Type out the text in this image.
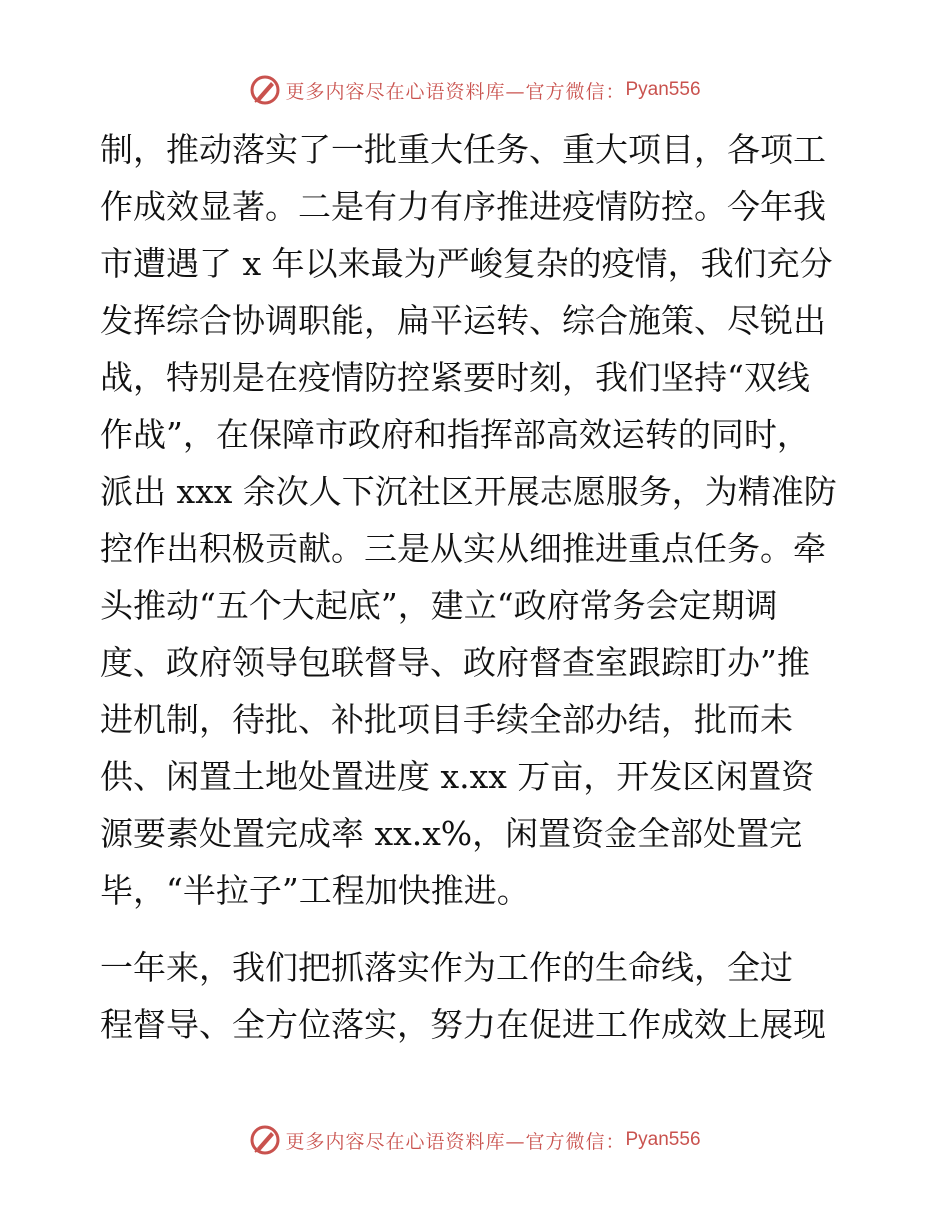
更多内容尽在心语资料库—官方微信： Pyan556
制，推动落实了一批重大任务、重大项目，各项工
作成效显著。二是有力有序推进疫情防控。今年我
市遭遇了 x 年以来最为严峻复杂的疫情，我们充分
发挥综合协调职能，扁平运转、综合施策、尽锐出
战，特别是在疫情防控紧要时刻，我们坚持“双线
作战”，在保障市政府和指挥部高效运转的同时，
派出 xxx 余次人下沉社区开展志愿服务，为精准防
控作出积极贡献。三是从实从细推进重点任务。牵
头推动“五个大起底”，建立“政府常务会定期调
度、政府领导包联督导、政府督查室跟踪盯办”推
进机制，待批、补批项目手续全部办结，批而未
供、闲置土地处置进度 x.xx 万亩，开发区闲置资
源要素处置完成率 xx.x%，闲置资金全部处置完
毕，“半拉子”工程加快推进。
一年来，我们把抓落实作为工作的生命线，全过
程督导、全方位落实，努力在促进工作成效上展现
更多内容尽在心语资料库—官方微信： Pyan556
